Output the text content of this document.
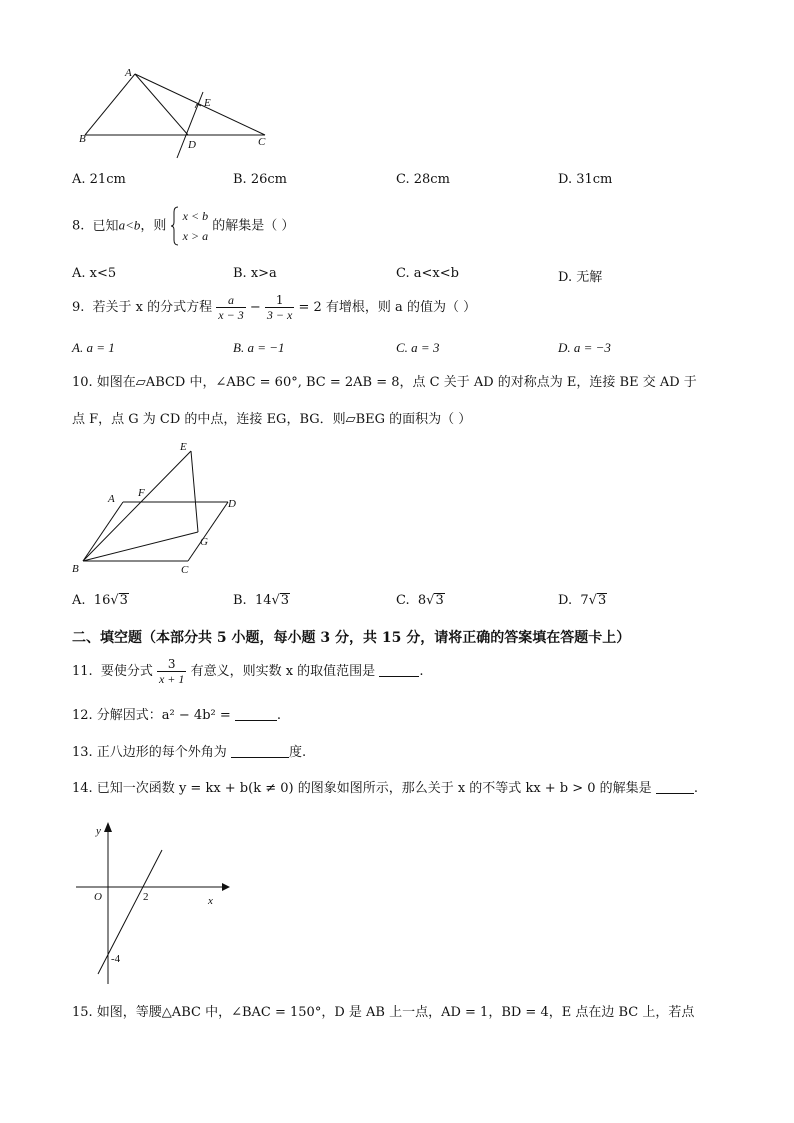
A
B	C
D
E
A. 21cm	B. 26cm	C. 28cm	D. 31cm
8. 已知a<b，则
x < b
x > a
的解集是（ ）
A. x<5	B. x>a	C. a<x<b	D. 无解
9. 若关于 x 的分式方程 $\frac{a}{x - 3} - \frac{1}{3 - x} = 2$ 有增根，则 a 的值为（ ）
A. a = 1	B. a = −1	C. a = 3	D. a = −3
10. 如图在▱ABCD 中，∠ABC = 60°, BC = 2AB = 8，点 C 关于 AD 的对称点为 E，连接 BE 交 AD 于
点 F，点 G 为 CD 的中点，连接 EG，BG．则▱BEG 的面积为（ ）
E
A F
D
G
B	C
A. 16√3	B. 14√3	C. 8√3	D. 7√3
二、填空题（本部分共 5 小题，每小题 3 分，共 15 分，请将正确的答案填在答题卡上）
11. 要使分式 $\frac{3}{x + 1}$ 有意义，则实数 x 的取值范围是	.
12. 分解因式：a² − 4b² =	.
13. 正八边形的每个外角为	度.
14. 已知一次函数 y = kx + b(k ≠ 0) 的图象如图所示，那么关于 x 的不等式 kx + b > 0 的解集是	.
y
O	2	x
-4
15. 如图，等腰△ABC 中，∠BAC = 150°，D 是 AB 上一点，AD = 1，BD = 4，E 点在边 BC 上，若点
